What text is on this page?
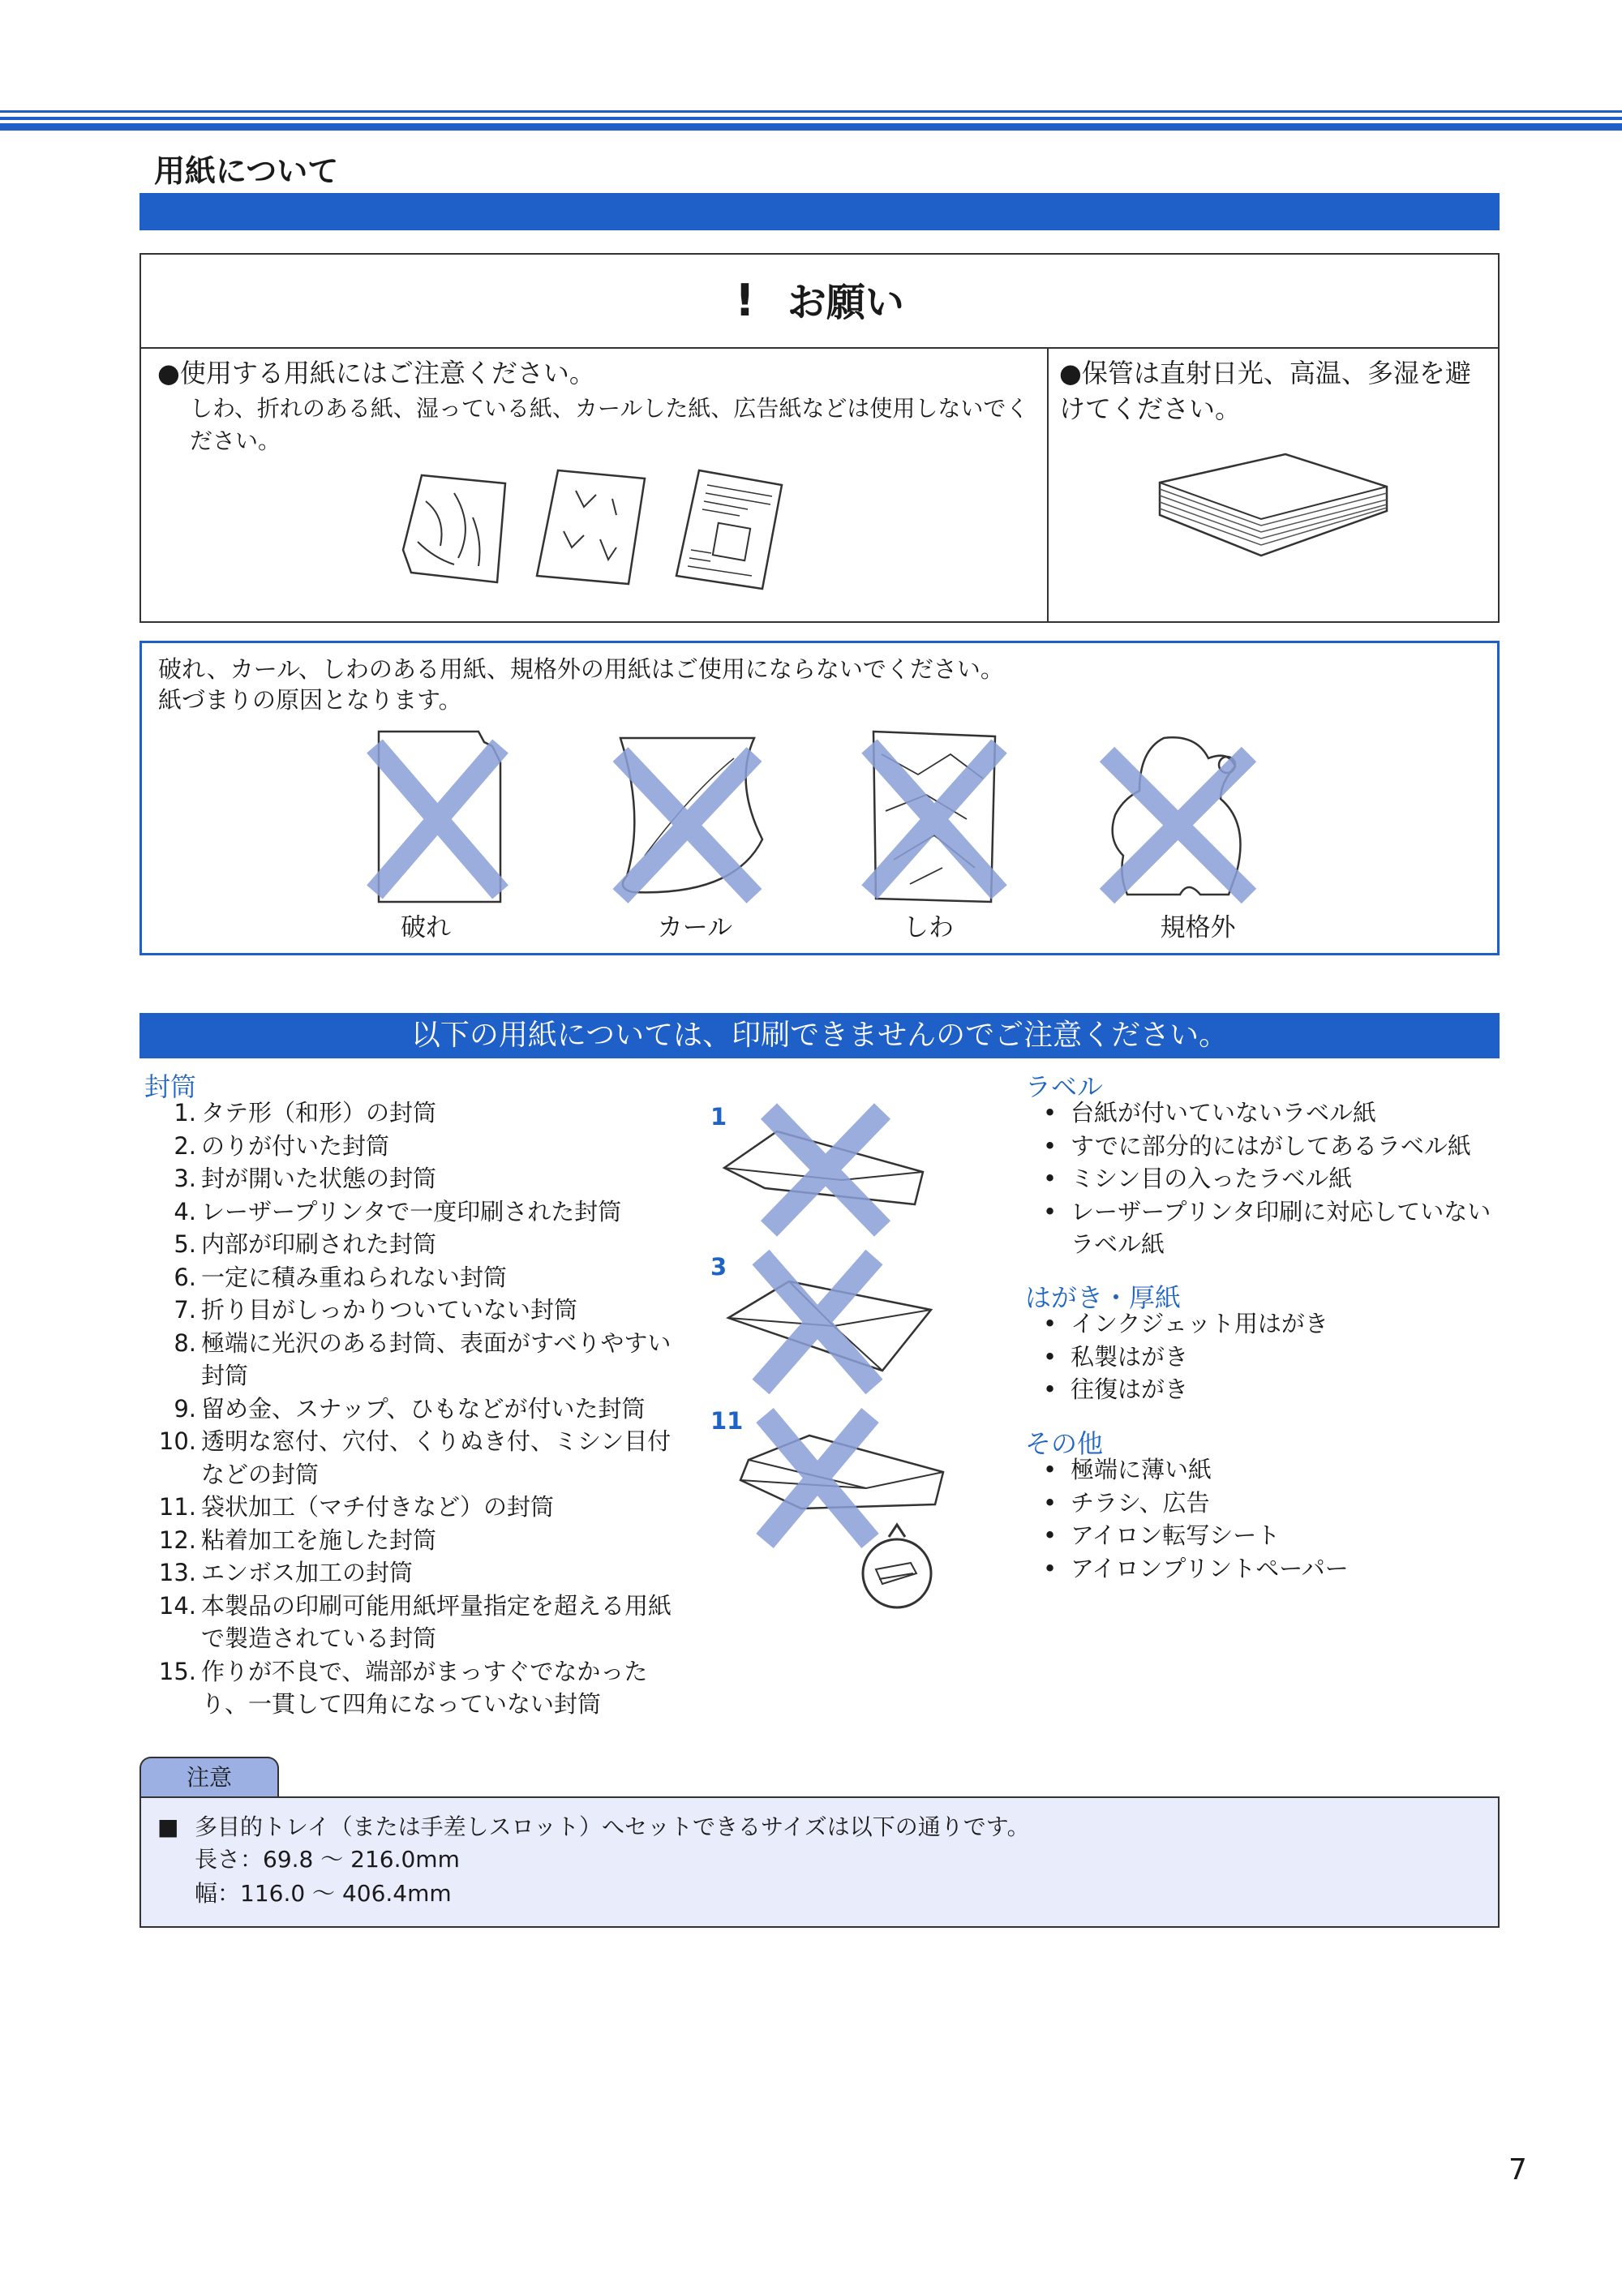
用紙について
! お願い
●使用する用紙にはご注意ください。
しわ、折れのある紙、湿っている紙、カールした紙、広告紙などは使用しないでください。
●保管は直射日光、高温、多湿を避けてください。
破れ、カール、しわのある用紙、規格外の用紙はご使用にならないでください。
紙づまりの原因となります。
破れ	カール	しわ	規格外
以下の用紙については、印刷できませんのでご注意ください。
封筒
1. タテ形（和形）の封筒
2. のりが付いた封筒
3. 封が開いた状態の封筒
4. レーザープリンタで一度印刷された封筒
5. 内部が印刷された封筒
6. 一定に積み重ねられない封筒
7. 折り目がしっかりついていない封筒
8. 極端に光沢のある封筒、表面がすべりやすい封筒
9. 留め金、スナップ、ひもなどが付いた封筒
10. 透明な窓付、穴付、くりぬき付、ミシン目付などの封筒
11. 袋状加工（マチ付きなど）の封筒
12. 粘着加工を施した封筒
13. エンボス加工の封筒
14. 本製品の印刷可能用紙坪量指定を超える用紙で製造されている封筒
15. 作りが不良で、端部がまっすぐでなかったり、一貫して四角になっていない封筒
1
3
11
ラベル
• 台紙が付いていないラベル紙
• すでに部分的にはがしてあるラベル紙
• ミシン目の入ったラベル紙
• レーザープリンタ印刷に対応していないラベル紙
はがき・厚紙
• インクジェット用はがき
• 私製はがき
• 往復はがき
その他
• 極端に薄い紙
• チラシ、広告
• アイロン転写シート
• アイロンプリントペーパー
注意
■ 多目的トレイ（または手差しスロット）へセットできるサイズは以下の通りです。
長さ：69.8 〜 216.0mm
幅：116.0 〜 406.4mm
7
